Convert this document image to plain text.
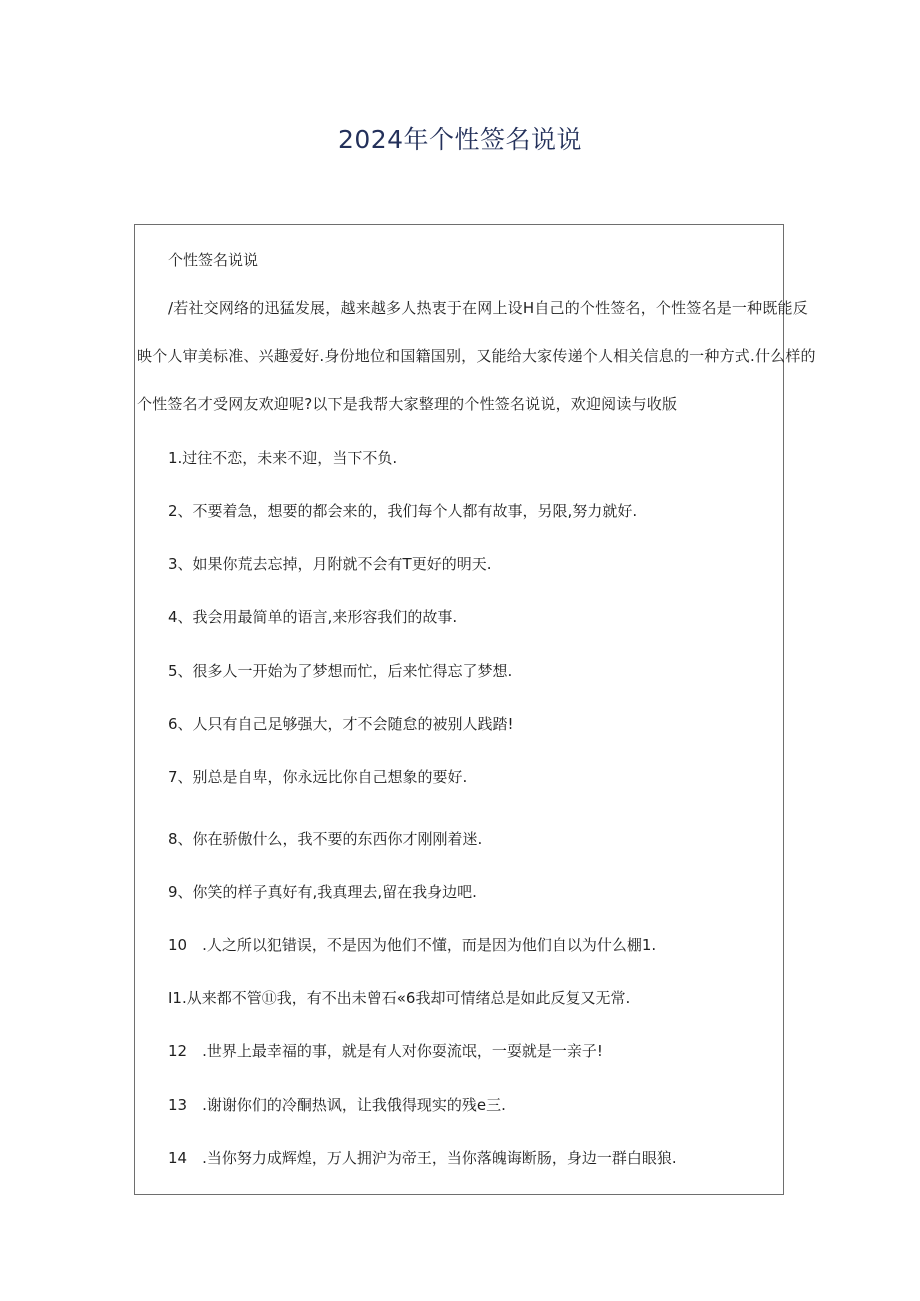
2024年个性签名说说
个性签名说说
/若社交网络的迅猛发展，越来越多人热衷于在网上设H自己的个性签名，个性签名是一种既能反
映个人审美标准、兴趣爱好.身份地位和国籍国别，又能给大家传递个人相关信息的一种方式.什么样的
个性签名才受网友欢迎呢?以下是我帮大家整理的个性签名说说，欢迎阅读与收版
1.过往不恋，未来不迎，当下不负.
2、不要着急，想要的都会来的，我们每个人都有故事，另限,努力就好.
3、如果你荒去忘掉，月附就不会有T更好的明天.
4、我会用最简单的语言,来形容我们的故事.
5、很多人一开始为了梦想而忙，后来忙得忘了梦想.
6、人只有自己足够强大，才不会随怠的被别人践踏!
7、别总是自卑，你永远比你自己想象的要好.
8、你在骄傲什么，我不要的东西你才刚刚着迷.
9、你笑的样子真好有,我真理去,留在我身边吧.
10　.人之所以犯错误，不是因为他们不懂，而是因为他们自以为什么棚1.
I1.从来都不管⑪我，有不出未曾石«6我却可情绪总是如此反复又无常.
12　.世界上最幸福的事，就是有人对你耍流氓，一耍就是一亲子!
13　.谢谢你们的冷酮热讽，让我俄得现实的残e三.
14　.当你努力成辉煌，万人拥沪为帝王，当你落魄诲断肠，身边一群白眼狼.
